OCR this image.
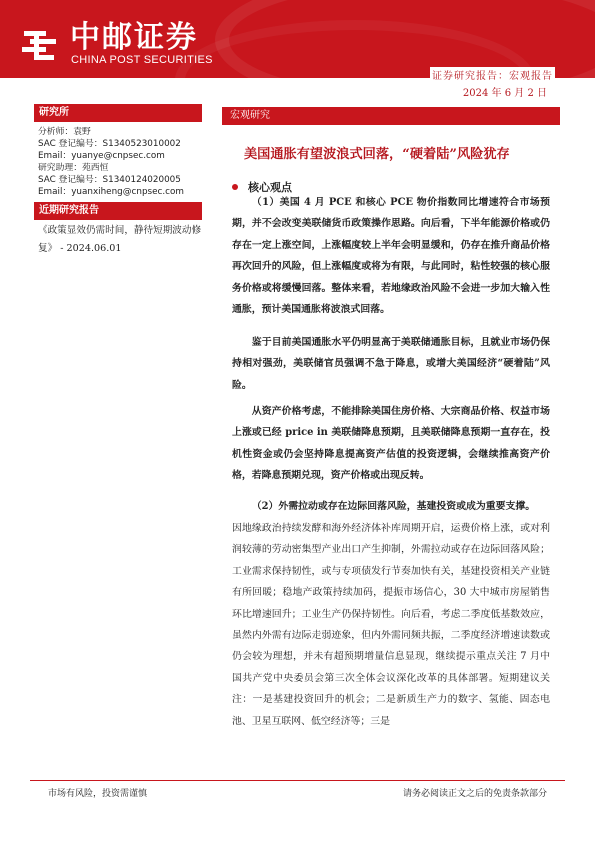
中邮证券
CHINA POST SECURITIES
证券研究报告：宏观报告
2024 年 6 月 2 日
研究所
分析师：袁野
SAC 登记编号：S1340523010002
Email：yuanye@cnpsec.com
研究助理：苑西恒
SAC 登记编号：S1340124020005
Email：yuanxiheng@cnpsec.com
近期研究报告
《政策显效仍需时间，静待短期波动修复》 - 2024.06.01
宏观研究
美国通胀有望波浪式回落，“硬着陆”风险犹存
核心观点
（1）美国 4 月 PCE 和核心 PCE 物价指数同比增速符合市场预期，并不会改变美联储货币政策操作思路。向后看，下半年能源价格或仍存在一定上涨空间，上涨幅度较上半年会明显缓和，仍存在推升商品价格再次回升的风险，但上涨幅度或将为有限，与此同时，粘性较强的核心服务价格或将缓慢回落。整体来看，若地缘政治风险不会进一步加大输入性通胀，预计美国通胀将波浪式回落。
鉴于目前美国通胀水平仍明显高于美联储通胀目标，且就业市场仍保持相对强劲，美联储官员强调不急于降息，或增大美国经济“硬着陆”风险。
从资产价格考虑，不能排除美国住房价格、大宗商品价格、权益市场上涨或已经 price in 美联储降息预期，且美联储降息预期一直存在，投机性资金或仍会坚持降息提高资产估值的投资逻辑，会继续推高资产价格，若降息预期兑现，资产价格或出现反转。
（2）外需拉动或存在边际回落风险，基建投资或成为重要支撑。
因地缘政治持续发酵和海外经济体补库周期开启，运费价格上涨，或对利润较薄的劳动密集型产业出口产生抑制，外需拉动或存在边际回落风险；工业需求保持韧性，或与专项债发行节奏加快有关，基建投资相关产业链有所回暖；稳地产政策持续加码，提振市场信心，30 大中城市房屋销售环比增速回升；工业生产仍保持韧性。向后看，考虑二季度低基数效应，虽然内外需有边际走弱迹象，但内外需同频共振，二季度经济增速读数或仍会较为理想，并未有超预期增量信息显现，继续提示重点关注 7 月中国共产党中央委员会第三次全体会议深化改革的具体部署。短期建议关注：一是基建投资回升的机会；二是新质生产力的数字、氢能、固态电池、卫星互联网、低空经济等；三是
市场有风险，投资需谨慎	请务必阅读正文之后的免责条款部分
